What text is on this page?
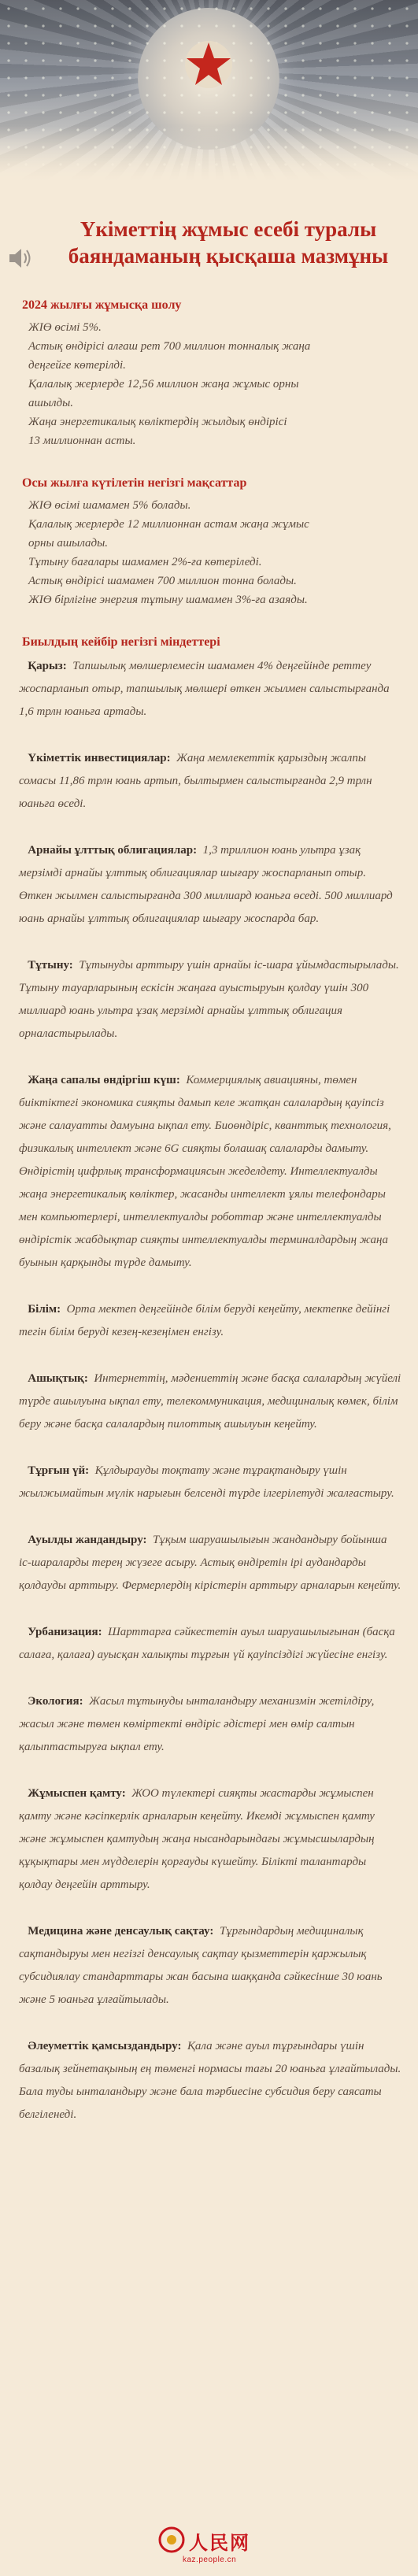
Үкіметтің жұмыс есебі туралы баяндаманың қысқаша мазмұны
2024 жылғы жұмысқа шолу
ЖІӨ өсімі 5%.
Астық өндірісі алғаш рет 700 миллион тонналық жаңа
деңгейге көтерілді.
Қалалық жерлерде 12,56 миллион жаңа жұмыс орны
ашылды.
Жаңа энергетикалық көліктердің жылдық өндірісі
13 миллионнан асты.
Осы жылға күтілетін негізгі мақсаттар
ЖІӨ өсімі шамамен 5% болады.
Қалалық жерлерде 12 миллионнан астам жаңа жұмыс
орны ашылады.
Тұтыну бағалары шамамен 2%-ға көтеріледі.
Астық өндірісі шамамен 700 миллион тонна болады.
ЖІӨ бірлігіне энергия тұтыну шамамен 3%-ға азаяды.
Биылдың кейбір негізгі міндеттері
Қарыз: Тапшылық мөлшерлемесін шамамен 4% деңгейінде реттеу жоспарланып отыр, тапшылық мөлшері өткен жылмен салыстырғанда 1,6 трлн юаньға артады.
Үкіметтік инвестициялар: Жаңа мемлекеттік қарыздың жалпы сомасы 11,86 трлн юань артып, былтырмен салыстырғанда 2,9 трлн юаньға өседі.
Арнайы ұлттық облигациялар: 1,3 триллион юань ультра ұзақ мерзімді арнайы ұлттық облигациялар шығару жоспарланып отыр. Өткен жылмен салыстырғанда 300 миллиард юаньға өседі. 500 миллиард юань арнайы ұлттық облигациялар шығару жоспарда бар.
Тұтыну: Тұтынуды арттыру үшін арнайы іс-шара ұйымдастырылады. Тұтыну тауарларының ескісін жаңаға ауыстыруын қолдау үшін 300 миллиард юань ультра ұзақ мерзімді арнайы ұлттық облигация орналастырылады.
Жаңа сапалы өндіргіш күш: Коммерциялық авиацияны, төмен биіктіктегі экономика сияқты дамып келе жатқан салалардың қауіпсіз және салауатты дамуына ықпал ету. Биоөндіріс, кванттық технология, физикалық интеллект және 6G сияқты болашақ салаларды дамыту. Өндірістің цифрлық трансформациясын жеделдету. Интеллектуалды жаңа энергетикалық көліктер, жасанды интеллект ұялы телефондары мен компьютерлері, интеллектуалды роботтар және интеллектуалды өндірістік жабдықтар сияқты интеллектуалды терминалдардың жаңа буынын қарқынды түрде дамыту.
Білім: Орта мектеп деңгейінде білім беруді кеңейту, мектепке дейінгі тегін білім беруді кезең-кезеңімен енгізу.
Ашықтық: Интернеттің, мәдениеттің және басқа салалардың жүйелі түрде ашылуына ықпал ету, телекоммуникация, медициналық көмек, білім беру және басқа салалардың пилоттық ашылуын кеңейту.
Тұрғын үй: Құлдырауды тоқтату және тұрақтандыру үшін жылжымайтын мүлік нарығын белсенді түрде ілгерілетуді жалғастыру.
Ауылды жандандыру: Тұқым шаруашылығын жандандыру бойынша іс-шараларды терең жүзеге асыру. Астық өндіретін ірі аудандарды қолдауды арттыру. Фермерлердің кірістерін арттыру арналарын кеңейту.
Урбанизация: Шарттарға сәйкестетін ауыл шаруашылығынан (басқа салаға, қалаға) ауысқан халықты тұрғын үй қауіпсіздігі жүйесіне енгізу.
Экология: Жасыл тұтынуды ынталандыру механизмін жетілдіру, жасыл және төмен көміртекті өндіріс әдістері мен өмір салтын қалыптастыруға ықпал ету.
Жұмыспен қамту: ЖОО түлектері сияқты жастарды жұмыспен қамту және кәсіпкерлік арналарын кеңейту. Икемді жұмыспен қамту және жұмыспен қамтудың жаңа нысандарындағы жұмысшылардың құқықтары мен мүдделерін қорғауды күшейту. Білікті талантарды қолдау деңгейін арттыру.
Медицина және денсаулық сақтау: Тұрғындардың медициналық сақтандыруы мен негізгі денсаулық сақтау қызметтерін қаржылық субсидиялау стандарттары жан басына шаққанда сәйкесінше 30 юань және 5 юаньға ұлғайтылады.
Әлеуметтік қамсыздандыру: Қала және ауыл тұрғындары үшін базалық зейнетақының ең төменгі нормасы тағы 20 юаньға ұлғайтылады. Бала туды ынталандыру және бала тәрбиесіне субсидия беру саясаты белгіленеді.
人民网
kaz.people.cn
